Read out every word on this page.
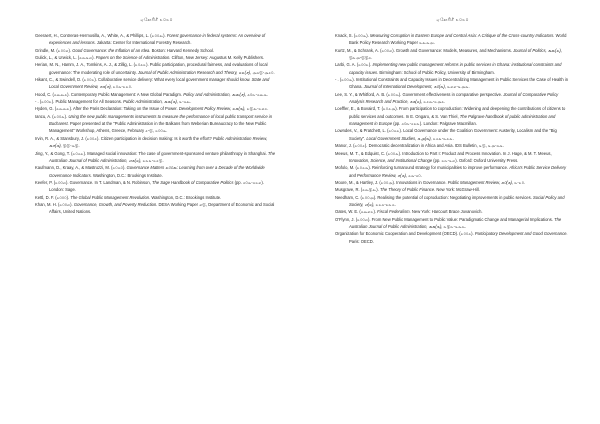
ஏலேரிசீ ௨௦௨௦

Geeraert, H., Contreras-Hermosilla, A., White, A., & Phillips, L. (௨௦௦௯). Forest governance in federal systems: An overview of experiences and lessons. Jakarta: Center for International Forestry Research.

Grindle, M. (௨௦௦௭). Good Governance: the Inflation of an Idea. Boston: Harvard Kennedy School.

Gulick, L., & Urwick, L. (௧௯௩௭). Papers on the Science of Administration. Clifton, New Jersey: Augustus M. Kelly Publishers.

Herian, M. N., Hamm, J. A., Tomkins, A. J., & Zillig, L. (௨௦௧௨). Public participation, procedural fairness, and evaluations of local governance: The moderating role of uncertainty. Journal of Public Administration Research and Theory, ௨௨(௪), ௮௧௫-௮௪௦.

Hikant, C., & Swindell, D. (௨௦௦௨). Collaborative service delivery: What every local government manager should know. State and Local Government Review, ௪௧(௪), ௨௦௬-௨௨௦.

Hood, C. (௧௯௯௧). Contemporary Public Management: A New Global Paradigm. Policy and Administration, ௯௯(௪), ௧௦௩-௧௯௬.

- . (௨௦௦௨). Public Management for All Seasons. Public Administration, ௬௯(௧), ௩-௧௯.

Hyden, G. (௧௯௯௨). After the Paris Declaration: Taking on the Issue of Power. Development Policy Review, ௨௬(௩), ௨௫௯-௨௭௪.

Iancu, A. (௨௦௦௬). Using the new public managements instruments to measure the performance of local public transport service in Bucharest. Paper presented at the "Public Administration in the Balkans from Weberian Bureaucracy to the New Public Management" Workshop, Athens, Greece, February ௪-௫, ௨௦௦௬.

Irvin, R. A., & Stansbury, J. (௨௦௦௪). Citizen participation in decision making: Is it worth the effort? Public Administration Review, ௬௪(௧), ௫௫-௬௫.

Jing, Y., & Gong, T. (௨௦௧௨). Managed social innovation: The case of government-sponsored venture philanthropy in Shanghai. The Australian Journal of Public Administration, ௭௧(௨), ௨௩௩-௨௪௫.

Kaufmann, D., Kraay, A., & Mastruzzi, M. (௨௦௧௦). Governance Matters ௨௦௦௯: Learning from over a Decade of the Worldwide Governance Indicators. Washington, D.C.: Brookings Institute.

Keefer, P. (௨௦௦௭). Governance. In T. Landman, & N. Robinson, The Sage Handbook of Comparative Politics (pp. ௪௦௬-௪௨௭). London: Sage.

Kettl, D. F. (௨௦௦௦). The Global Public Management Revolution. Washington, D.C.: Brookings Institute.

Khan, M. H. (௨௦௦௭). Governance, Growth, and Poverty Reduction. DESA Working Paper ௭௫, Department of Economic and Social Affairs, United Nations.

ஏலேரிசீ ௨௦௨௦

Knack, S. (௨௦௦௬). Measuring Corruption in Eastern Europe and Central Asia: A Critique of the Cross-country Indicators. World Bank Policy Research Working Paper ௩௯௬௮.

Kurtz, M., & Schrank, A. (௨௦௦௭). Growth and Governance: Models, Measures, and Mechanisms. Journal of Politics, ௬௯(௨), ௫௩௮-௫௫௪.

Larbi, G. A. (௨௦௦௨). Implementing new public management reforms in public services in Ghana: institutional constraints and capacity issues. Birmingham: School of Public Policy, University of Birmingham.

- . (௨௦௦௬). Institutional Constraints and Capacity Issues in Decentralizing Management in Public Services the Case of Health in Ghana. Journal of International Development, ௧௦(௩), ௩௭௭-௩௮௬.

Lee, S. Y., & Whitford, A. B. (௨௦௦௬). Government effectiveness in comparative perspective. Journal of Comparative Policy Analysis Research and Practice, ௧௧(௨), ௨௪௯-௨௮௧.

Loeffler, E., & Bovaird, T. (௨௦௧௮). From participation to coproduction: Widening and deepening the contributions of citizens to public services and outcomes. In E. Ongaro, & S. Van Thiel, The Palgrave handbook of public administration and management in Europe (pp. ௪௦௩-௪௨௩). London: Palgrave Macmillan.

Lowndes, V., & Pratchett, L. (௨௦௧௨). Local Governance under the Coalition Government: Austerity, Localism and the "Big Society". Local Government Studies, ௩௮(௩), ௨௧௩-௩௧௬.

Manor, J. (௨௦௦௪). Democratic decentralization in Africa and Asia. IDS Bulletin, ௩௫, ௩௮-௬௩.

Meeus, M. T., & Edquist, C. (௨௦௦௬). Introduction to Part I: Product and Process Innovation. In J. Hage, & M. T. Meeus, Innovation, Science, and Institutional Change (pp. ௨௩-௩௭). Oxford: Oxford University Press.

Mofolo, M. (௨௦௧௬). Reinforcing turnaround strategy for municipalities to improve performance. Africa's Public Service Delivery and Performance Review, ௪(௧), ௧௬-௪௦.

Moore, M., & Hartley, J. (௨௦௦௮). Innovations in Governance. Public Management Review, ௧௦(௧), ௩-௨௦.

Musgrave, R. (௧௯௫௯). The Theory of Public Finance. New York: McGraw-Hill.

Needham, C. (௨௦௦௮). Realising the potential of coproduction: Negotiating improvements in public services. Social Policy and Society, ௭(௨), ௨௨௧-௨௩௧.

Oates, W. E. (௧௯௭௨). Fiscal Federalism. New York: Harcourt Brace Jovanovich.

O'Flynn, J. (௨௦௦௭). From New Public Management to Public Value: Paradigmatic Change and Managerial Implications. The Australian Journal of Public Administration, ௬௬(௩), ௩௫௩-௩௬௬.

Organization for Economic Cooperation and Development (OECD). (௨௦௦௧). Participatory Development and Good Governance. Paris: OECD.
